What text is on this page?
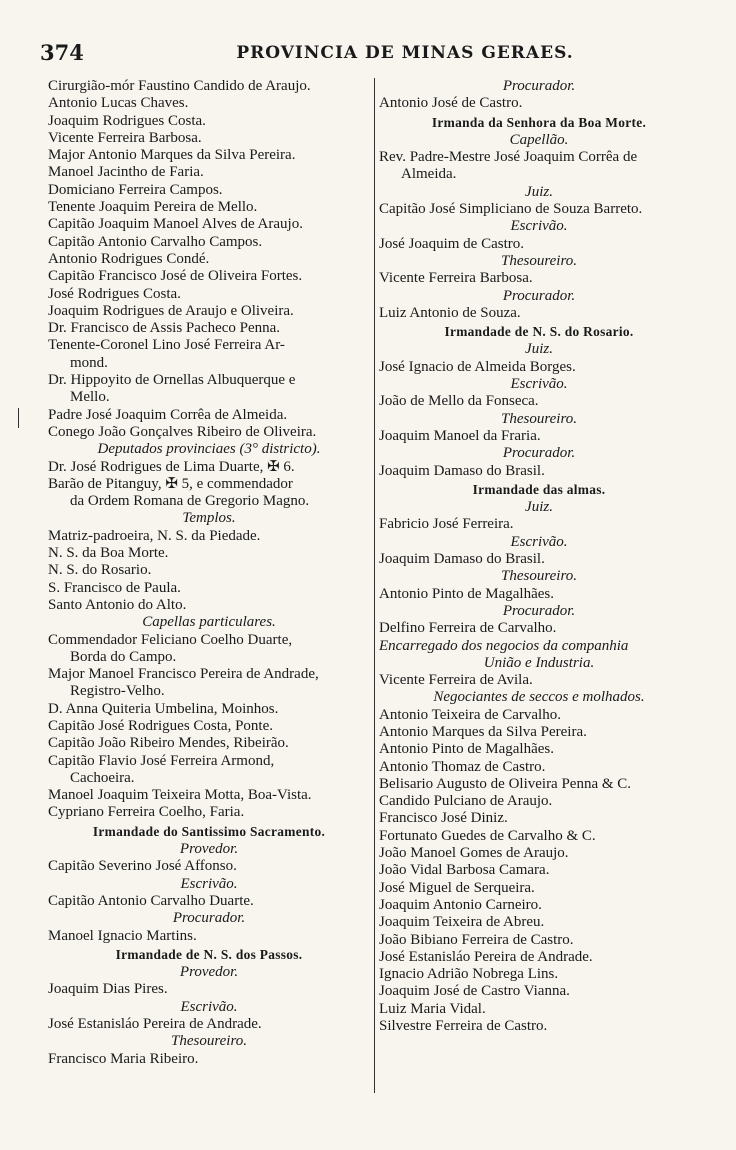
374	PROVINCIA DE MINAS GERAES.
Cirurgião-mór Faustino Candido de Araujo.
Antonio Lucas Chaves.
Joaquim Rodrigues Costa.
Vicente Ferreira Barbosa.
Major Antonio Marques da Silva Pereira.
Manoel Jacintho de Faria.
Domiciano Ferreira Campos.
Tenente Joaquim Pereira de Mello.
Capitão Joaquim Manoel Alves de Araujo.
Capitão Antonio Carvalho Campos.
Antonio Rodrigues Condé.
Capitão Francisco José de Oliveira Fortes.
José Rodrigues Costa.
Joaquim Rodrigues de Araujo e Oliveira.
Dr. Francisco de Assis Pacheco Penna.
Tenente-Coronel Lino José Ferreira Ar-
mond.
Dr. Hippoyito de Ornellas Albuquerque e
Mello.
Padre José Joaquim Corrêa de Almeida.
Conego João Gonçalves Ribeiro de Oliveira.
Deputados provinciaes (3° districto).
Dr. José Rodrigues de Lima Duarte, ✠ 6.
Barão de Pitanguy, ✠ 5, e commendador
da Ordem Romana de Gregorio Magno.
Templos.
Matriz-padroeira, N. S. da Piedade.
N. S. da Boa Morte.
N. S. do Rosario.
S. Francisco de Paula.
Santo Antonio do Alto.
Capellas particulares.
Commendador Feliciano Coelho Duarte,
Borda do Campo.
Major Manoel Francisco Pereira de Andrade,
Registro-Velho.
D. Anna Quiteria Umbelina, Moinhos.
Capitão José Rodrigues Costa, Ponte.
Capitão João Ribeiro Mendes, Ribeirão.
Capitão Flavio José Ferreira Armond,
Cachoeira.
Manoel Joaquim Teixeira Motta, Boa-Vista.
Cypriano Ferreira Coelho, Faria.
Irmandade do Santissimo Sacramento.
Provedor.
Capitão Severino José Affonso.
Escrivão.
Capitão Antonio Carvalho Duarte.
Procurador.
Manoel Ignacio Martins.
Irmandade de N. S. dos Passos.
Provedor.
Joaquim Dias Pires.
Escrivão.
José Estanisláo Pereira de Andrade.
Thesoureiro.
Francisco Maria Ribeiro.
Procurador.
Antonio José de Castro.
Irmanda da Senhora da Boa Morte.
Capellão.
Rev. Padre-Mestre José Joaquim Corrêa de
Almeida.
Juiz.
Capitão José Simpliciano de Souza Barreto.
Escrivão.
José Joaquim de Castro.
Thesoureiro.
Vicente Ferreira Barbosa.
Procurador.
Luiz Antonio de Souza.
Irmandade de N. S. do Rosario.
Juiz.
José Ignacio de Almeida Borges.
Escrivão.
João de Mello da Fonseca.
Thesoureiro.
Joaquim Manoel da Fraria.
Procurador.
Joaquim Damaso do Brasil.
Irmandade das almas.
Juiz.
Fabricio José Ferreira.
Escrivão.
Joaquim Damaso do Brasil.
Thesoureiro.
Antonio Pinto de Magalhães.
Procurador.
Delfino Ferreira de Carvalho.
Encarregado dos negocios da companhia
União e Industria.
Vicente Ferreira de Avila.
Negociantes de seccos e molhados.
Antonio Teixeira de Carvalho.
Antonio Marques da Silva Pereira.
Antonio Pinto de Magalhães.
Antonio Thomaz de Castro.
Belisario Augusto de Oliveira Penna & C.
Candido Pulciano de Araujo.
Francisco José Diniz.
Fortunato Guedes de Carvalho & C.
João Manoel Gomes de Araujo.
João Vidal Barbosa Camara.
José Miguel de Serqueira.
Joaquim Antonio Carneiro.
Joaquim Teixeira de Abreu.
João Bibiano Ferreira de Castro.
José Estanisláo Pereira de Andrade.
Ignacio Adrião Nobrega Lins.
Joaquim José de Castro Vianna.
Luiz Maria Vidal.
Silvestre Ferreira de Castro.
